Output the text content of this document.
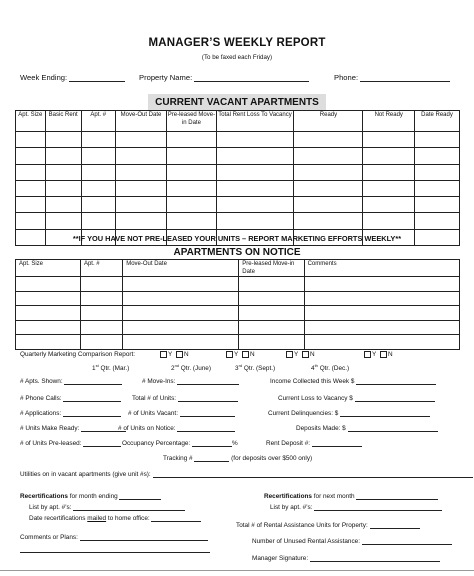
MANAGER’S WEEKLY REPORT
(To be faxed each Friday)
Week Ending:	Property Name:	Phone:
CURRENT VACANT APARTMENTS
Apt. Size	Basic Rent	Apt. #	Move-Out Date	Pre-leased Move-in Date	Total Rent Loss To Vacancy	Ready	Not Ready	Date Ready

**IF YOU HAVE NOT PRE-LEASED YOUR UNITS – REPORT MARKETING EFFORTS WEEKLY**
APARTMENTS ON NOTICE
Apt. Size	Apt. #	Move-Out Date	Pre-leased Move-in Date	Comments

Quarterly Marketing Comparison Report:	Y N	Y N	Y N	Y N
1st Qtr. (Mar.)	2nd Qtr. (June)	3rd Qtr. (Sept.)	4th Qtr. (Dec.)
# Apts. Shown:
# Phone Calls:
# Applications:
# Units Make Ready:
# of Units Pre-leased:
# Move-Ins:
Total # of Units:
# of Units Vacant:
# of Units on Notice:
Occupancy Percentage:	%
Tracking #	(for deposits over $500 only)
Income Collected this Week $
Current Loss to Vacancy $
Current Delinquencies: $
Deposits Made: $
Rent Deposit #:
Utilities on in vacant apartments (give unit #s):
Recertifications for month ending
List by apt. #'s:
Date recertifications mailed to home office:
Comments or Plans:
Recertifications for next month
List by apt. #'s:
Total # of Rental Assistance Units for Property:
Number of Unused Rental Assistance:
Manager Signature:
